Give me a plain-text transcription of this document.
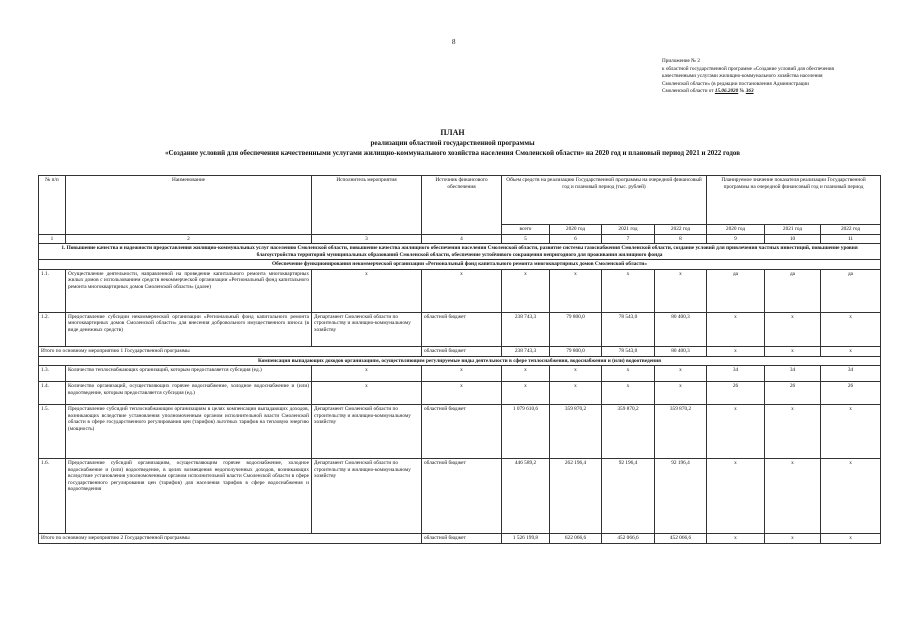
8
Приложение № 2
к областной государственной программе «Создание условий для обеспечения
качественными услугами жилищно-коммунального хозяйства населения
Смоленской области» (в редакции постановления Администрации
Смоленской области от 15.06.2020 № 363
ПЛАН
реализации областной государственной программы
«Создание условий для обеспечения качественными услугами жилищно-коммунального хозяйства населения Смоленской области» на 2020 год и плановый период 2021 и 2022 годов
№ п/п	Наименование	Исполнитель мероприятия	Источник финансового обеспечения	Объем средств на реализацию Государственной программы на очередной финансовый год и плановый период (тыс. рублей)				Планируемое значение показателя реализации Государственной программы на очередной финансовый год и плановый период		
				всего	2020 год	2021 год	2022 год	2020 год	2021 год	2022 год
1	2	3	4	5	6	7	8	9	10	11
1. Повышение качества и надежности предоставления жилищно-коммунальных услуг населению Смоленской области, повышение качества жилищного обеспечения населения Смоленской области, развитие системы газоснабжения Смоленской области, создание условий для привлечения частных инвестиций, повышение уровня благоустройства территорий муниципальных образований Смоленской области, обеспечение устойчивого сокращения непригодного для проживания жилищного фонда										
Обеспечение функционирования некоммерческой организации «Региональный фонд капитального ремонта многоквартирных домов Смоленской области»										
1.1.	Осуществление деятельности, направленной на проведение капитального ремонта многоквартирных жилых домов с использованием средств некоммерческой организации «Региональный фонд капитального ремонта многоквартирных домов Смоленской области» (далее)	х	х	х	х	х	х	да	да	да
1.2.	Предоставление субсидии некоммерческой организации «Региональный фонд капитального ремонта многоквартирных домов Смоленской области» для внесения добровольного имущественного взноса (в виде денежных средств)	Департамент Смоленской области по строительству и жилищно-коммунальному хозяйству	областной бюджет	238 743,3	79 800,0	78 543,0	80 400,3	х	х	х
Итого по основному мероприятию 1 Государственной программы			областной бюджет	238 743,3	79 800,0	78 543,0	80 400,3	х	х	х
Компенсация выпадающих доходов организациям, осуществляющим регулируемые виды деятельности в сфере теплоснабжения, водоснабжения и (или) водоотведения										
1.3.	Количество теплоснабжающих организаций, которым предоставляется субсидия (ед.)	х	х	х	х	х	х	34	34	34
1.4.	Количество организаций, осуществляющих горячее водоснабжение, холодное водоснабжение и (или) водоотведение, которым предоставляется субсидия (ед.)	х	х	х	х	х	х	26	26	26
1.5.	Предоставление субсидий теплоснабжающим организациям в целях компенсации выпадающих доходов, возникающих вследствие установления уполномоченным органом исполнительной власти Смоленской области в сфере государственного регулирования цен (тарифов) льготных тарифов на тепловую энергию (мощность)	Департамент Смоленской области по строительству и жилищно-коммунальному хозяйству	областной бюджет	1 079 610,6	359 870,2	359 870,2	359 870,2	х	х	х
1.6.	Предоставление субсидий организациям, осуществляющим горячее водоснабжение, холодное водоснабжение и (или) водоотведение, в целях возмещения недополученных доходов, возникающих вследствие установления уполномоченным органом исполнительной власти Смоленской области в сфере государственного регулирования цен (тарифов) для населения тарифов в сфере водоснабжения и водоотведения	Департамент Смоленской области по строительству и жилищно-коммунальному хозяйству	областной бюджет	446 589,2	262 196,4	92 196,4	92 196,4	х	х	х
Итого по основному мероприятию 2 Государственной программы			областной бюджет	1 526 199,8	622 066,6	452 066,6	452 066,6	х	х	х
